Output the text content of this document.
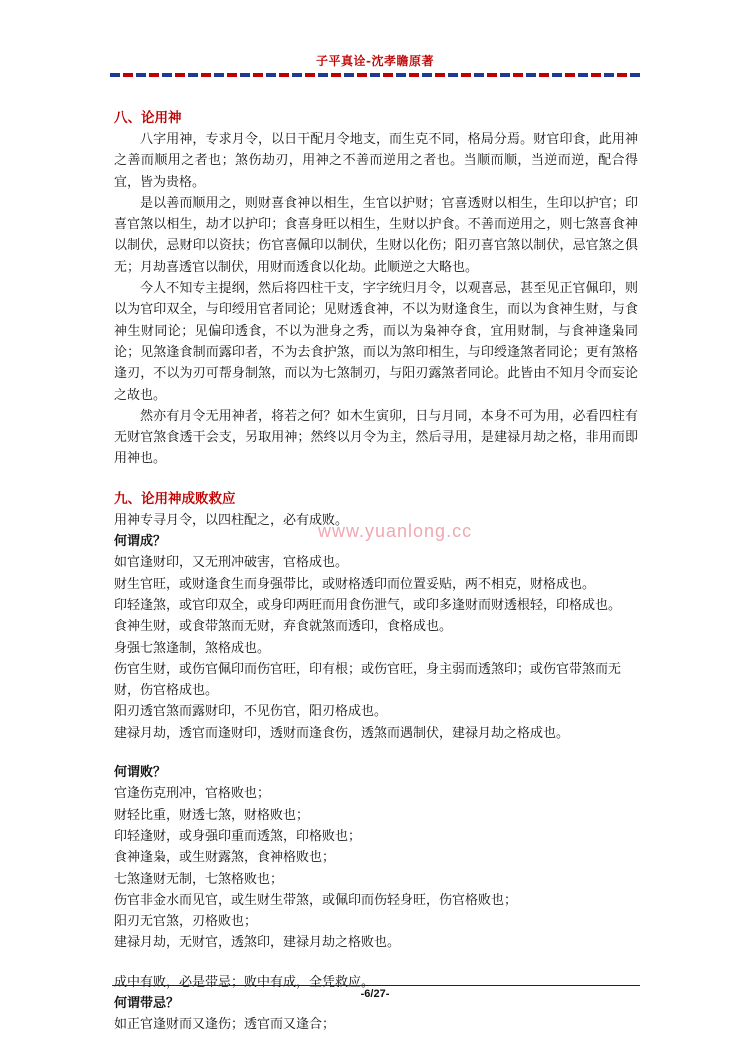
子平真诠-沈孝瞻原著

八、论用神

八字用神，专求月令，以日干配月令地支，而生克不同，格局分焉。财官印食，此用神之善而顺用之者也；煞伤劫刃，用神之不善而逆用之者也。当顺而顺，当逆而逆，配合得宜，皆为贵格。

是以善而顺用之，则财喜食神以相生，生官以护财；官喜透财以相生，生印以护官；印喜官煞以相生，劫才以护印；食喜身旺以相生，生财以护食。不善而逆用之，则七煞喜食神以制伏，忌财印以资扶；伤官喜佩印以制伏，生财以化伤；阳刃喜官煞以制伏，忌官煞之俱无；月劫喜透官以制伏，用财而透食以化劫。此顺逆之大略也。

今人不知专主提纲，然后将四柱干支，字字统归月令，以观喜忌，甚至见正官佩印，则以为官印双全，与印绶用官者同论；见财透食神，不以为财逢食生，而以为食神生财，与食神生财同论；见偏印透食，不以为泄身之秀，而以为枭神夺食，宜用财制，与食神逢枭同论；见煞逢食制而露印者，不为去食护煞，而以为煞印相生，与印绶逢煞者同论；更有煞格逢刃，不以为刃可帮身制煞，而以为七煞制刃，与阳刃露煞者同论。此皆由不知月令而妄论之故也。

然亦有月令无用神者，将若之何？如木生寅卯，日与月同，本身不可为用，必看四柱有无财官煞食透干会支，另取用神；然终以月令为主，然后寻用，是建禄月劫之格，非用而即用神也。

九、论用神成败救应

用神专寻月令，以四柱配之，必有成败。

何谓成？

如官逢财印，又无刑冲破害，官格成也。

财生官旺，或财逢食生而身强带比，或财格透印而位置妥贴，两不相克，财格成也。

印轻逢煞，或官印双全，或身印两旺而用食伤泄气，或印多逢财而财透根轻，印格成也。

食神生财，或食带煞而无财，弃食就煞而透印，食格成也。

身强七煞逢制，煞格成也。

伤官生财，或伤官佩印而伤官旺，印有根；或伤官旺，身主弱而透煞印；或伤官带煞而无财，伤官格成也。

阳刃透官煞而露财印，不见伤官，阳刃格成也。

建禄月劫，透官而逢财印，透财而逢食伤，透煞而遇制伏，建禄月劫之格成也。

何谓败？

官逢伤克刑冲，官格败也；

财轻比重，财透七煞，财格败也；

印轻逢财，或身强印重而透煞，印格败也；

食神逢枭，或生财露煞，食神格败也；

七煞逢财无制，七煞格败也；

伤官非金水而见官，或生财生带煞，或佩印而伤轻身旺，伤官格败也；

阳刃无官煞，刃格败也；

建禄月劫，无财官，透煞印，建禄月劫之格败也。

成中有败，必是带忌；败中有成，全凭救应。

何谓带忌？

如正官逢财而又逢伤；透官而又逢合；

www.yuanlong.cc
-6/27-
